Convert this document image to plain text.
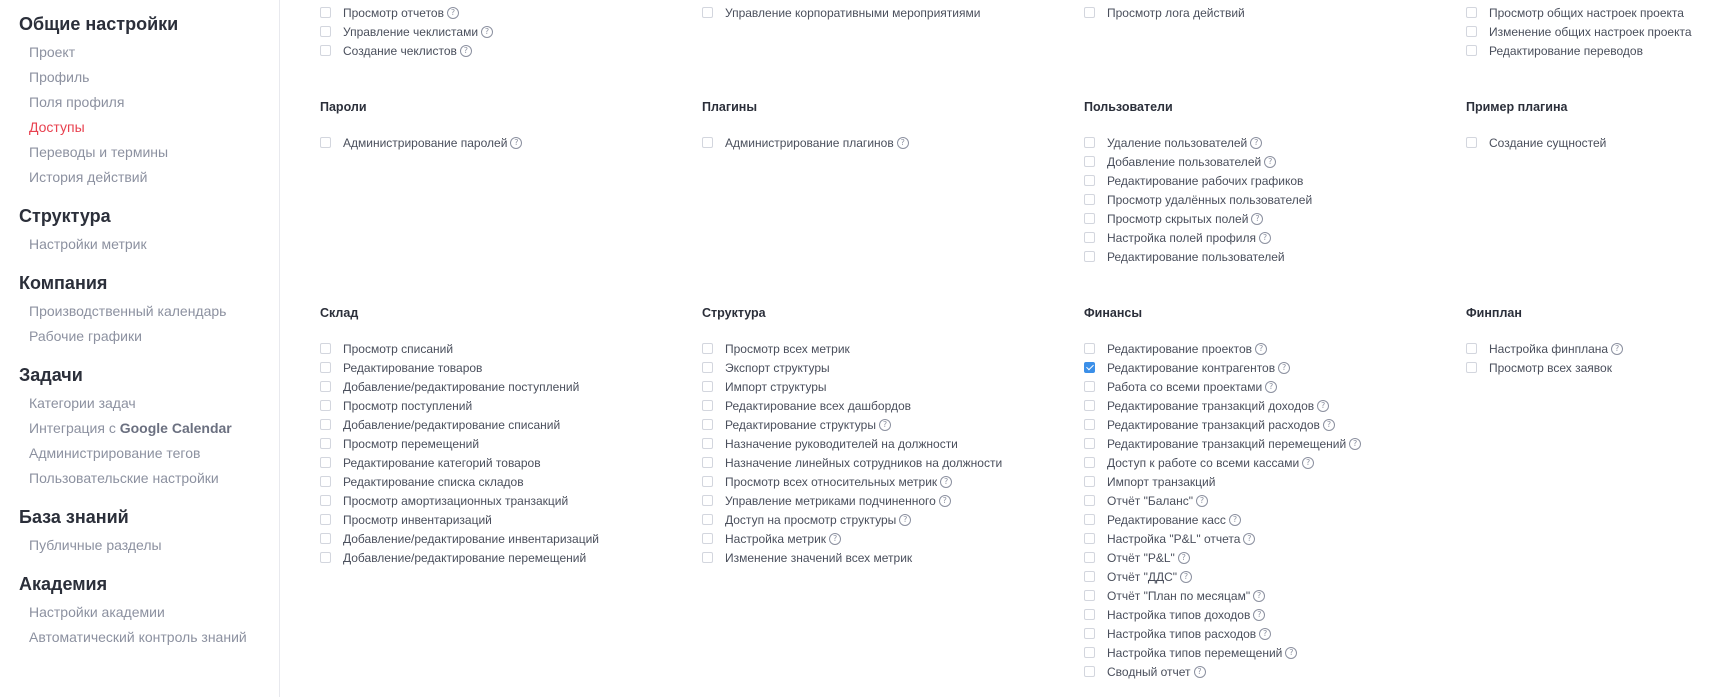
Общие настройки
Проект
Профиль
Поля профиля
Доступы
Переводы и термины
История действий
Структура
Настройки метрик
Компания
Производственный календарь
Рабочие графики
Задачи
Категории задач
Интеграция с Google Calendar
Администрирование тегов
Пользовательские настройки
База знаний
Публичные разделы
Академия
Настройки академии
Автоматический контроль знаний
Просмотр отчетов ?
Управление чеклистами ?
Создание чеклистов ?
Управление корпоративными мероприятиями	Просмотр лога действий	Просмотр общих настроек проекта
Изменение общих настроек проекта
Редактирование переводов
Пароли
Администрирование паролей ?
Плагины
Администрирование плагинов ?
Пользователи
Удаление пользователей ?
Добавление пользователей ?
Редактирование рабочих графиков
Просмотр удалённых пользователей
Просмотр скрытых полей ?
Настройка полей профиля ?
Редактирование пользователей
Пример плагина
Создание сущностей
Склад
Просмотр списаний
Редактирование товаров
Добавление/редактирование поступлений
Просмотр поступлений
Добавление/редактирование списаний
Просмотр перемещений
Редактирование категорий товаров
Редактирование списка складов
Просмотр амортизационных транзакций
Просмотр инвентаризаций
Добавление/редактирование инвентаризаций
Добавление/редактирование перемещений
Структура
Просмотр всех метрик
Экспорт структуры
Импорт структуры
Редактирование всех дашбордов
Редактирование структуры ?
Назначение руководителей на должности
Назначение линейных сотрудников на должности
Просмотр всех относительных метрик ?
Управление метриками подчиненного ?
Доступ на просмотр структуры ?
Настройка метрик ?
Изменение значений всех метрик
Финансы
Редактирование проектов ?
Редактирование контрагентов ?
Работа со всеми проектами ?
Редактирование транзакций доходов ?
Редактирование транзакций расходов ?
Редактирование транзакций перемещений ?
Доступ к работе со всеми кассами ?
Импорт транзакций
Отчёт "Баланс" ?
Редактирование касс ?
Настройка "P&L" отчета ?
Отчёт "P&L" ?
Отчёт "ДДС" ?
Отчёт "План по месяцам" ?
Настройка типов доходов ?
Настройка типов расходов ?
Настройка типов перемещений ?
Сводный отчет ?
Финплан
Настройка финплана ?
Просмотр всех заявок
